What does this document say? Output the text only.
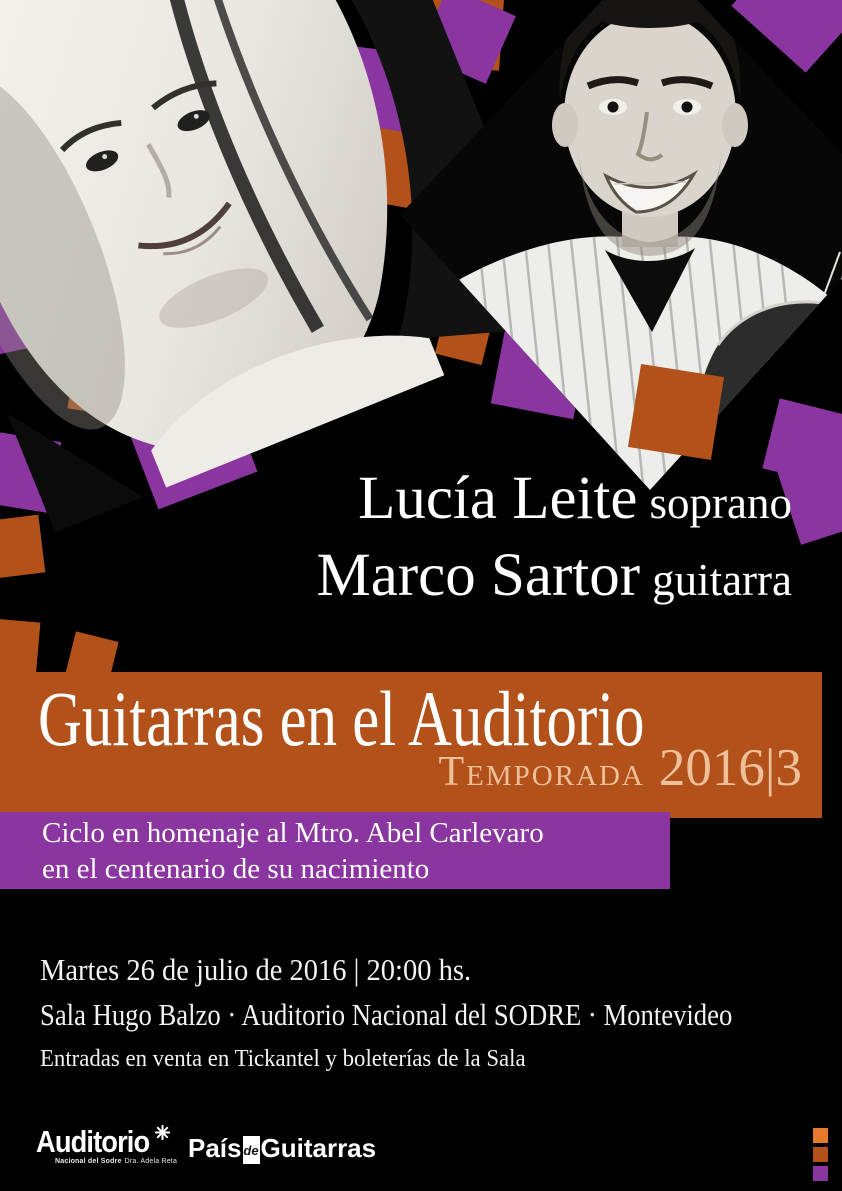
Lucía Leite soprano
Marco Sartor guitarra
Guitarras en el Auditorio
Temporada 2016|3
Ciclo en homenaje al Mtro. Abel Carlevaro
en el centenario de su nacimiento
Martes 26 de julio de 2016 | 20:00 hs.
Sala Hugo Balzo · Auditorio Nacional del SODRE · Montevideo
Entradas en venta en Tickantel y boleterías de la Sala
Auditorio
Nacional del Sodre Dra. Adela Reta País de Guitarras
